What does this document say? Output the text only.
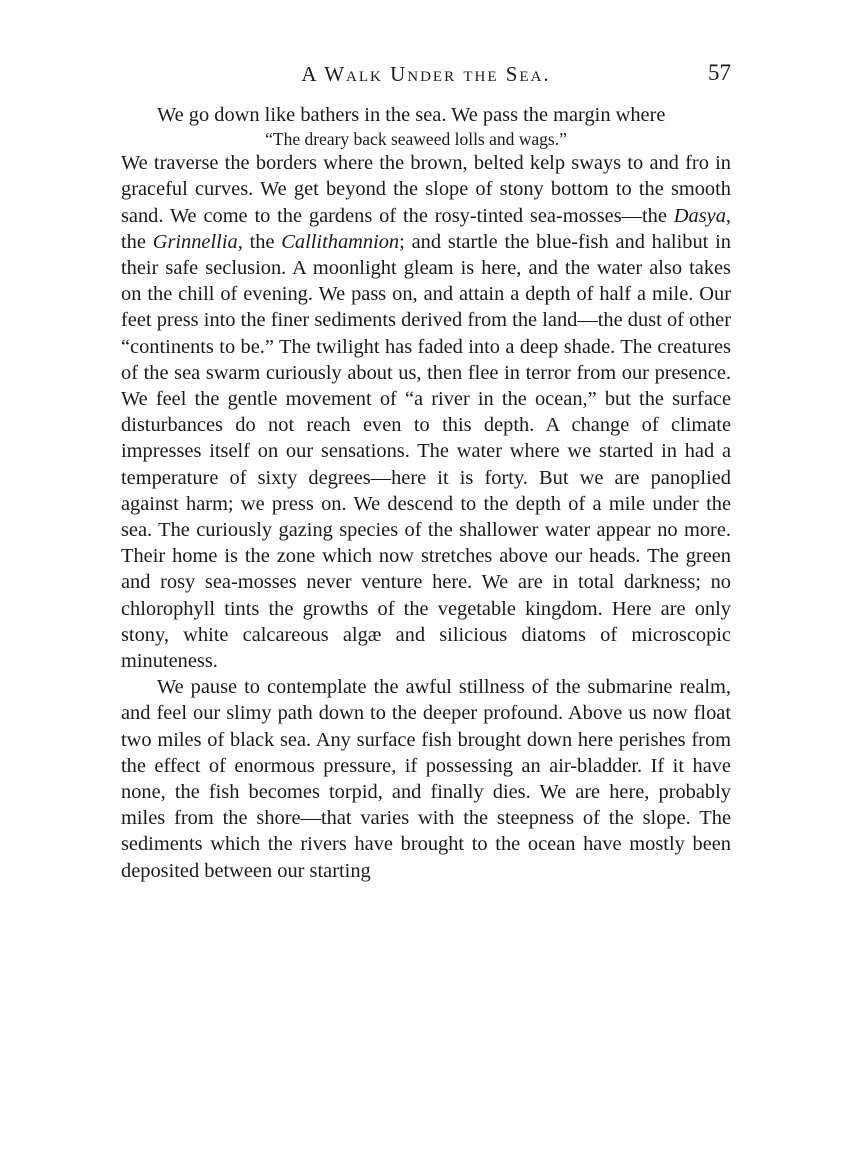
A Walk Under the Sea.	57

We go down like bathers in the sea. We pass the margin where

“The dreary back seaweed lolls and wags.”

We traverse the borders where the brown, belted kelp sways to and fro in graceful curves. We get beyond the slope of stony bottom to the smooth sand. We come to the gardens of the rosy-tinted sea-mosses—the Dasya, the Grinnellia, the Callithamnion; and startle the blue-fish and halibut in their safe seclusion. A moonlight gleam is here, and the water also takes on the chill of evening. We pass on, and attain a depth of half a mile. Our feet press into the finer sediments derived from the land—the dust of other “continents to be.” The twilight has faded into a deep shade. The creatures of the sea swarm curiously about us, then flee in terror from our presence. We feel the gentle movement of “a river in the ocean,” but the surface disturbances do not reach even to this depth. A change of climate impresses itself on our sensations. The water where we started in had a temperature of sixty degrees—here it is forty. But we are panoplied against harm; we press on. We descend to the depth of a mile under the sea. The curiously gazing species of the shallower water appear no more. Their home is the zone which now stretches above our heads. The green and rosy sea-mosses never venture here. We are in total darkness; no chlorophyll tints the growths of the vegetable kingdom. Here are only stony, white calcareous algæ and silicious diatoms of microscopic minuteness.

We pause to contemplate the awful stillness of the submarine realm, and feel our slimy path down to the deeper profound. Above us now float two miles of black sea. Any surface fish brought down here perishes from the effect of enormous pressure, if possessing an air-bladder. If it have none, the fish becomes torpid, and finally dies. We are here, probably miles from the shore—that varies with the steepness of the slope. The sediments which the rivers have brought to the ocean have mostly been deposited between our starting
